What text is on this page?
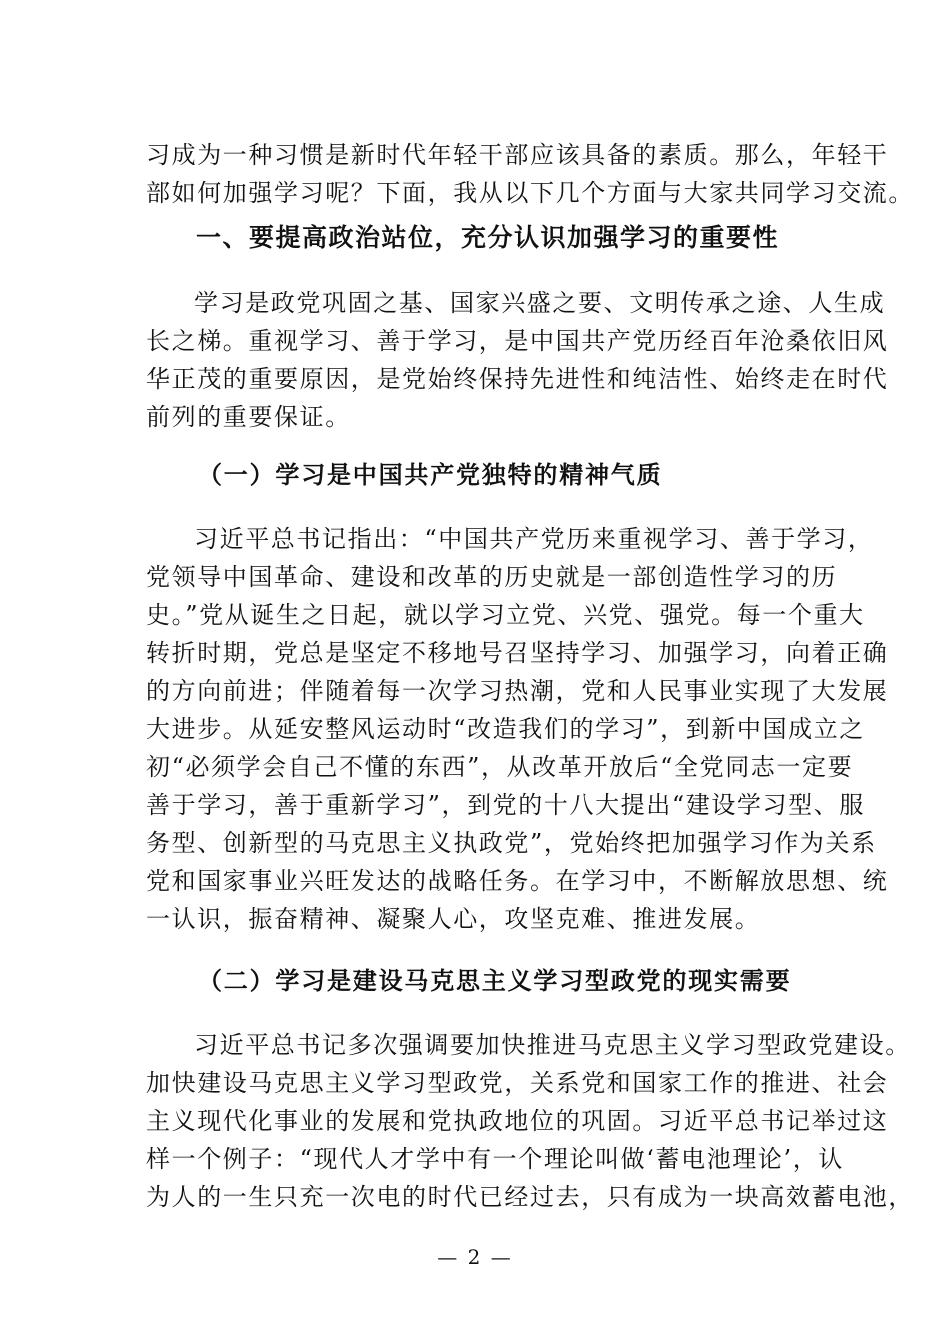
习成为一种习惯是新时代年轻干部应该具备的素质。那么，年轻干
部如何加强学习呢？下面，我从以下几个方面与大家共同学习交流。
一、要提高政治站位，充分认识加强学习的重要性
学习是政党巩固之基、国家兴盛之要、文明传承之途、人生成
长之梯。重视学习、善于学习，是中国共产党历经百年沧桑依旧风
华正茂的重要原因，是党始终保持先进性和纯洁性、始终走在时代
前列的重要保证。
（一）学习是中国共产党独特的精神气质
习近平总书记指出：“中国共产党历来重视学习、善于学习，
党领导中国革命、建设和改革的历史就是一部创造性学习的历
史。”党从诞生之日起，就以学习立党、兴党、强党。每一个重大
转折时期，党总是坚定不移地号召坚持学习、加强学习，向着正确
的方向前进；伴随着每一次学习热潮，党和人民事业实现了大发展
大进步。从延安整风运动时“改造我们的学习”，到新中国成立之
初“必须学会自己不懂的东西”，从改革开放后“全党同志一定要
善于学习，善于重新学习”，到党的十八大提出“建设学习型、服
务型、创新型的马克思主义执政党”，党始终把加强学习作为关系
党和国家事业兴旺发达的战略任务。在学习中，不断解放思想、统
一认识，振奋精神、凝聚人心，攻坚克难、推进发展。
（二）学习是建设马克思主义学习型政党的现实需要
习近平总书记多次强调要加快推进马克思主义学习型政党建设。
加快建设马克思主义学习型政党，关系党和国家工作的推进、社会
主义现代化事业的发展和党执政地位的巩固。习近平总书记举过这
样一个例子：“现代人才学中有一个理论叫做‘蓄电池理论’，认
为人的一生只充一次电的时代已经过去，只有成为一块高效蓄电池，
— 2 —
